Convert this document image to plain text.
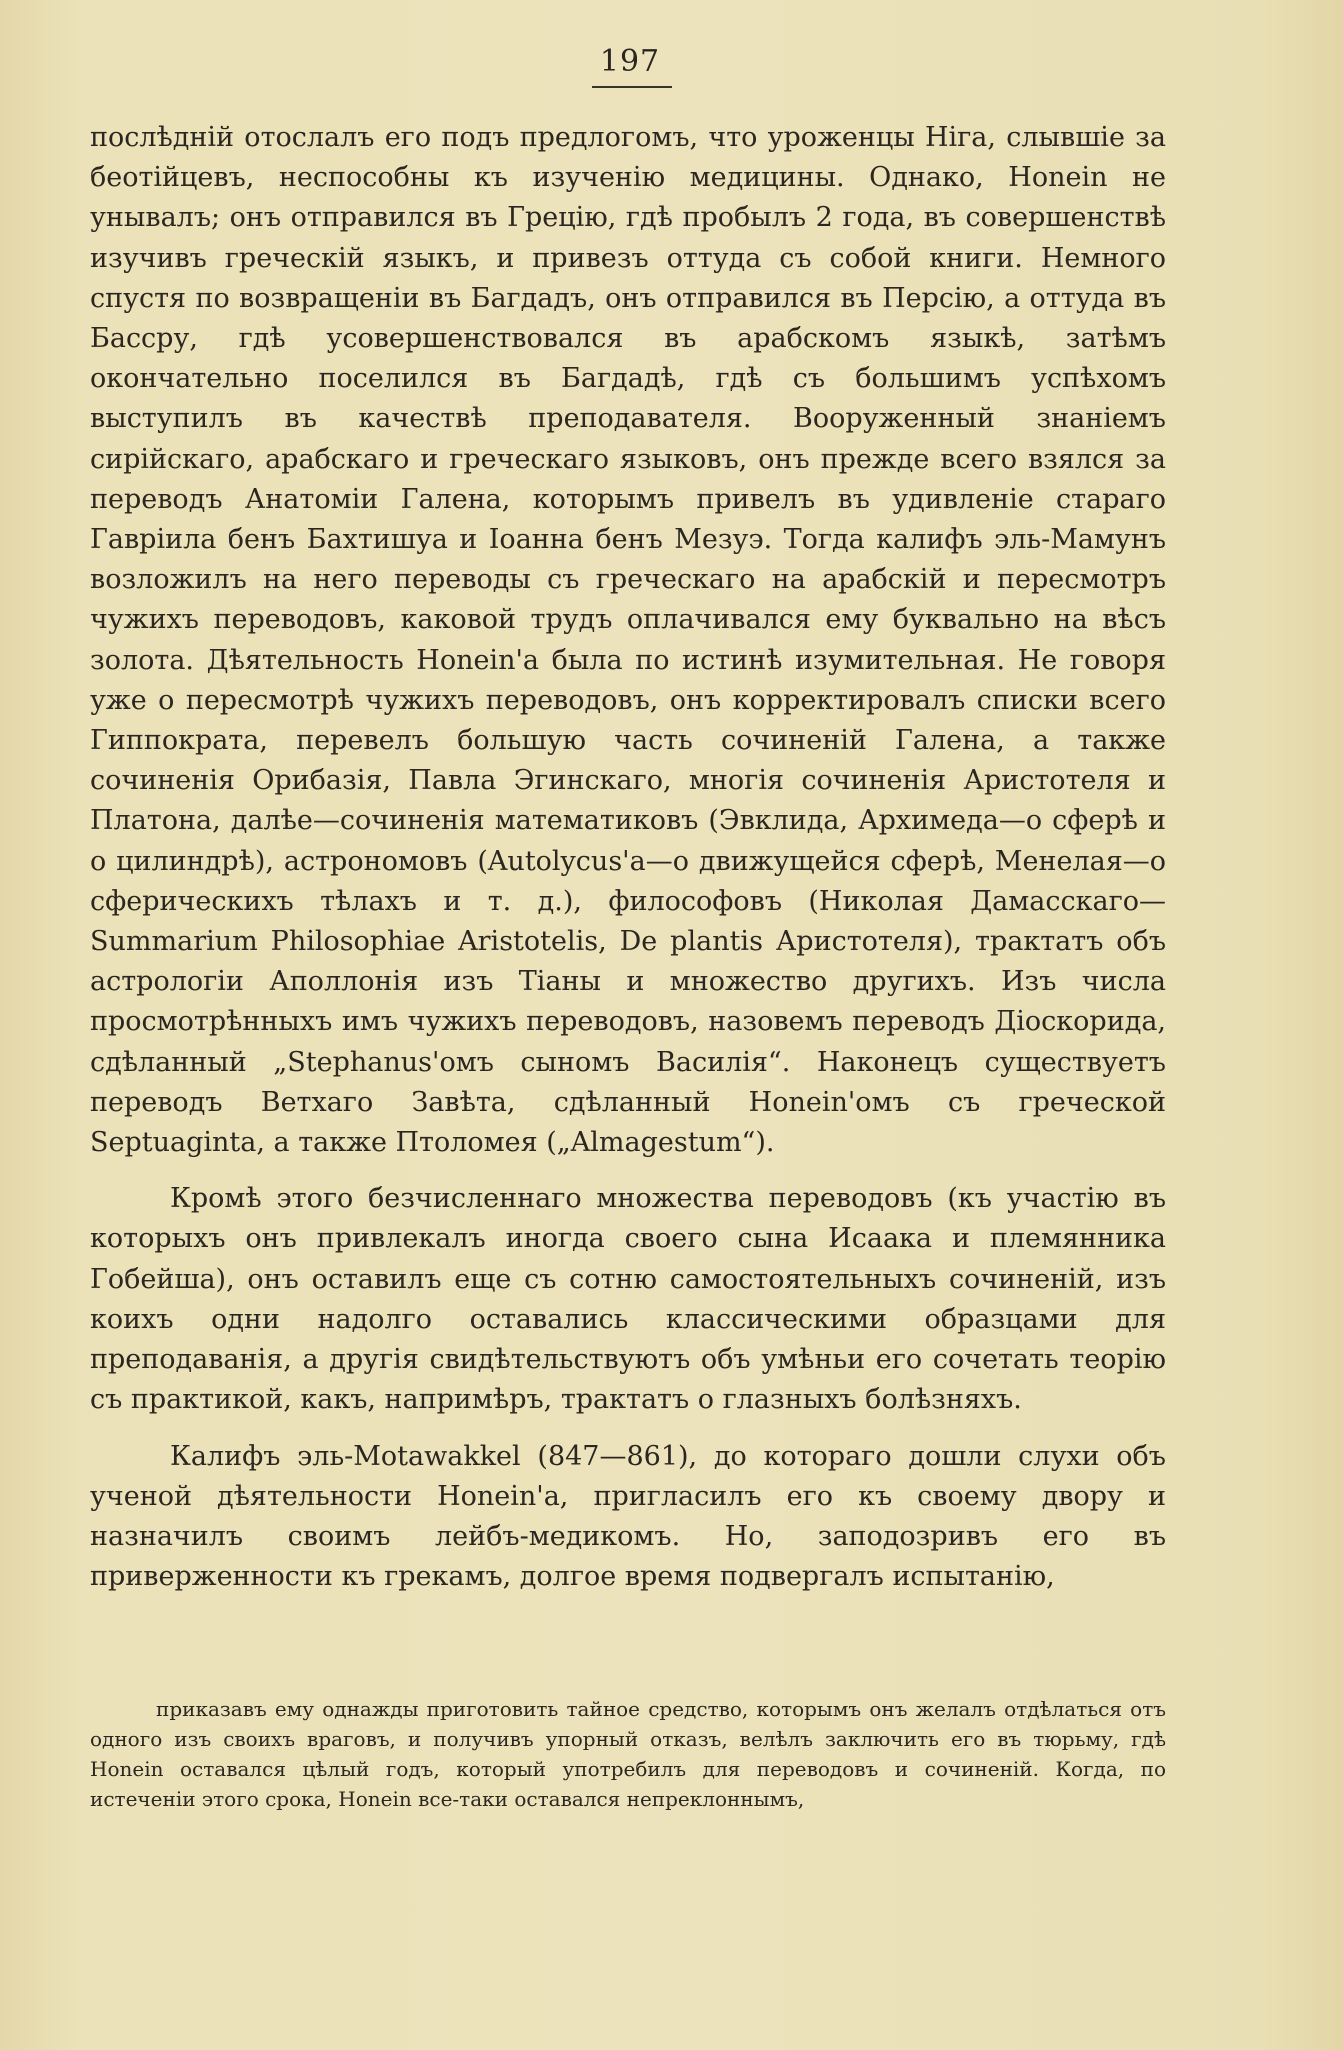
197

послѣдній отослалъ его подъ предлогомъ, что уроженцы Ніга, слывшіе за беотійцевъ, неспособны къ изученію медицины. Однако, Honein не унывалъ; онъ отправился въ Грецію, гдѣ пробылъ 2 года, въ совершенствѣ изучивъ греческій языкъ, и привезъ оттуда съ собой книги. Немного спустя по возвращеніи въ Багдадъ, онъ отправился въ Персію, а оттуда въ Бассру, гдѣ усовершенствовался въ арабскомъ языкѣ, затѣмъ окончательно поселился въ Багдадѣ, гдѣ съ большимъ успѣхомъ выступилъ въ качествѣ преподавателя. Вооруженный знаніемъ сирійскаго, арабскаго и греческаго языковъ, онъ прежде всего взялся за переводъ Анатоміи Галена, которымъ привелъ въ удивленіе стараго Гавріила бенъ Бахтишуа и Іоанна бенъ Мезуэ. Тогда калифъ эль-Мамунъ возложилъ на него переводы съ греческаго на арабскій и пересмотръ чужихъ переводовъ, каковой трудъ оплачивался ему буквально на вѣсъ золота. Дѣятельность Honein'а была по истинѣ изумительная. Не говоря уже о пересмотрѣ чужихъ переводовъ, онъ корректировалъ списки всего Гиппократа, перевелъ большую часть сочиненій Галена, а также сочиненія Орибазія, Павла Эгинскаго, многія сочиненія Аристотеля и Платона, далѣе—сочиненія математиковъ (Эвклида, Архимеда—о сферѣ и о цилиндрѣ), астрономовъ (Autolycus'а—о движущейся сферѣ, Менелая—о сферическихъ тѣлахъ и т. д.), философовъ (Николая Дамасскаго—Summarium Philosophiae Aristotelis, De plantis Аристотеля), трактатъ объ астрологіи Аполлонія изъ Тіаны и множество другихъ. Изъ числа просмотрѣнныхъ имъ чужихъ переводовъ, назовемъ переводъ Діоскорида, сдѣланный „Stephanus'омъ сыномъ Василія“. Наконецъ существуетъ переводъ Ветхаго Завѣта, сдѣланный Honein'омъ съ греческой Septuaginta, а также Птоломея („Almagestum“).

Кромѣ этого безчисленнаго множества переводовъ (къ участію въ которыхъ онъ привлекалъ иногда своего сына Исаака и племянника Гобейша), онъ оставилъ еще съ сотню самостоятельныхъ сочиненій, изъ коихъ одни надолго оставались классическими образцами для преподаванія, а другія свидѣтельствуютъ объ умѣньи его сочетать теорію съ практикой, какъ, напримѣръ, трактатъ о глазныхъ болѣзняхъ.

Калифъ эль-Motawakkel (847—861), до котораго дошли слухи объ ученой дѣятельности Honein'а, пригласилъ его къ своему двору и назначилъ своимъ лейбъ-медикомъ. Но, заподозривъ его въ приверженности къ грекамъ, долгое время подвергалъ испытанію,

приказавъ ему однажды приготовить тайное средство, которымъ онъ желалъ отдѣлаться отъ одного изъ своихъ враговъ, и получивъ упорный отказъ, велѣлъ заключить его въ тюрьму, гдѣ Honein оставался цѣлый годъ, который употребилъ для переводовъ и сочиненій. Когда, по истеченіи этого срока, Honein все-таки оставался непреклоннымъ,
